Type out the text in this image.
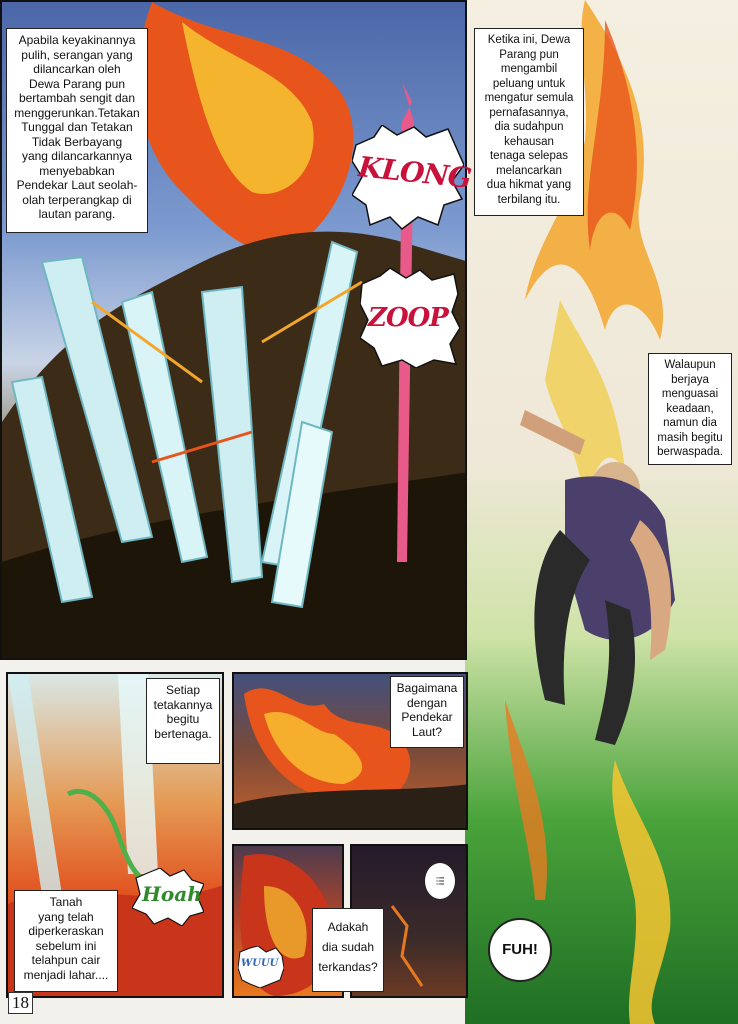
Apabila keyakinannya
pulih, serangan yang
dilancarkan oleh
Dewa Parang pun
bertambah sengit dan
menggerunkan.Tetakan
Tunggal dan Tetakan
Tidak Berbayang
yang dilancarkannya
menyebabkan
Pendekar Laut seolah-
olah terperangkap di
lautan parang.
KLONG
ZOOP
Ketika ini, Dewa
Parang pun
mengambil
peluang untuk
mengatur semula
pernafasannya,
dia sudahpun
kehausan
tenaga selepas
melancarkan
dua hikmat yang
terbilang itu.
Walaupun
berjaya
menguasai
keadaan,
namun dia
masih begitu
berwaspada.
Setiap
tetakannya
begitu
bertenaga.
Tanah
yang telah
diperkeraskan
sebelum ini
telahpun cair
menjadi lahar....
Hoah
Bagaimana
dengan
Pendekar
Laut?
WUUU
Adakah
dia sudah
terkandas?
!!!
FUH!
18
